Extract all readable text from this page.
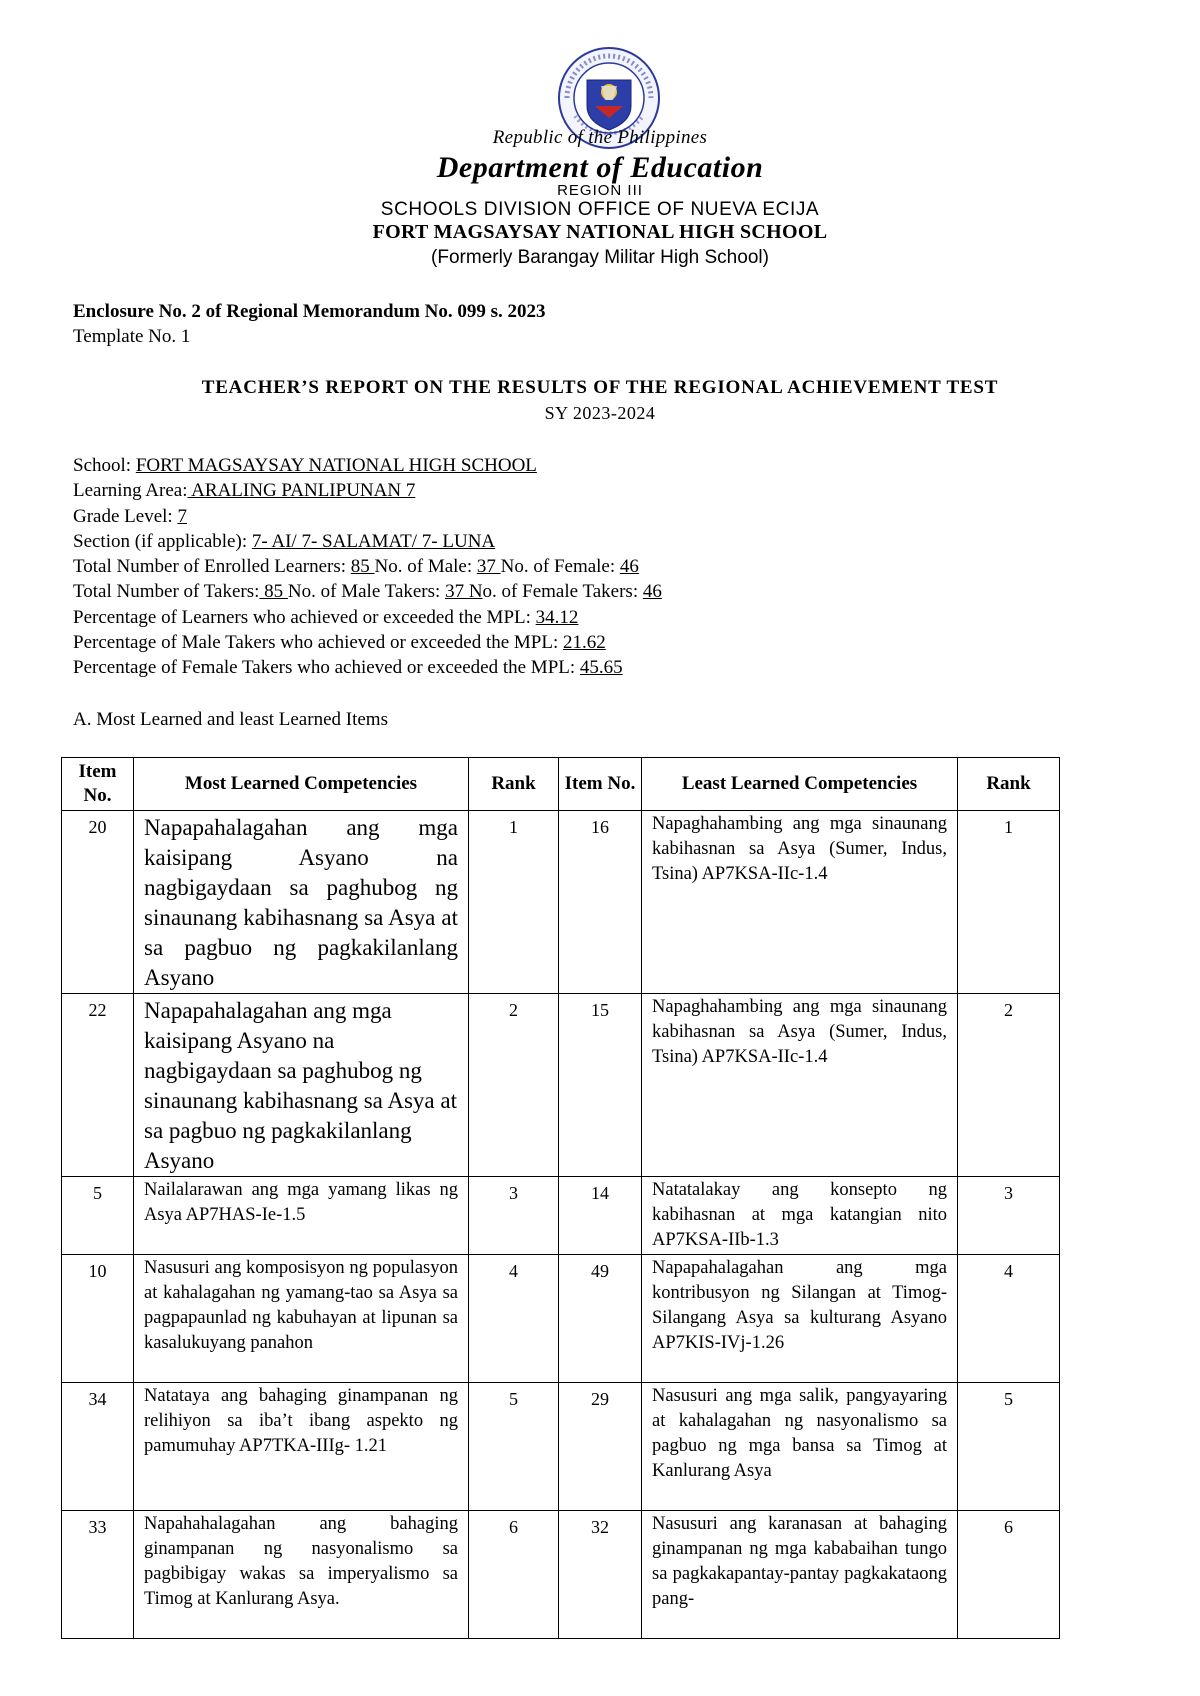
Republic of the Philippines
Department of Education
REGION III
SCHOOLS DIVISION OFFICE OF NUEVA ECIJA
FORT MAGSAYSAY NATIONAL HIGH SCHOOL
(Formerly Barangay Militar High School)
Enclosure No. 2 of Regional Memorandum No. 099 s. 2023
Template No. 1
TEACHER’S REPORT ON THE RESULTS OF THE REGIONAL ACHIEVEMENT TEST
SY 2023-2024
School: FORT MAGSAYSAY NATIONAL HIGH SCHOOL
Learning Area: ARALING PANLIPUNAN 7
Grade Level: 7
Section (if applicable): 7- AI/ 7- SALAMAT/ 7- LUNA
Total Number of Enrolled Learners: 85 No. of Male: 37 No. of Female: 46
Total Number of Takers: 85 No. of Male Takers: 37 No. of Female Takers: 46
Percentage of Learners who achieved or exceeded the MPL: 34.12
Percentage of Male Takers who achieved or exceeded the MPL: 21.62
Percentage of Female Takers who achieved or exceeded the MPL: 45.65
A. Most Learned and least Learned Items
Item No.	Most Learned Competencies	Rank	Item No.	Least Learned Competencies	Rank
20	Napapahalagahan ang mga kaisipang Asyano na nagbigaydaan sa paghubog ng sinaunang kabihasnang sa Asya at sa pagbuo ng pagkakilanlang Asyano	1	16	Napaghahambing ang mga sinaunang kabihasnan sa Asya (Sumer, Indus, Tsina) AP7KSA-IIc-1.4	1
22	Napapahalagahan ang mga kaisipang Asyano na nagbigaydaan sa paghubog ng sinaunang kabihasnang sa Asya at sa pagbuo ng pagkakilanlang Asyano	2	15	Napaghahambing ang mga sinaunang kabihasnan sa Asya (Sumer, Indus, Tsina) AP7KSA-IIc-1.4	2
5	Nailalarawan ang mga yamang likas ng Asya AP7HAS-Ie-1.5	3	14	Natatalakay ang konsepto ng kabihasnan at mga katangian nito AP7KSA-IIb-1.3	3
10	Nasusuri ang komposisyon ng populasyon at kahalagahan ng yamang-tao sa Asya sa pagpapaunlad ng kabuhayan at lipunan sa kasalukuyang panahon	4	49	Napapahalagahan ang mga kontribusyon ng Silangan at Timog-Silangang Asya sa kulturang Asyano AP7KIS-IVj-1.26	4
34	Natataya ang bahaging ginampanan ng relihiyon sa iba’t ibang aspekto ng pamumuhay AP7TKA-IIIg- 1.21	5	29	Nasusuri ang mga salik, pangyayaring at kahalagahan ng nasyonalismo sa pagbuo ng mga bansa sa Timog at Kanlurang Asya	5
33	Napahahalagahan ang bahaging ginampanan ng nasyonalismo sa pagbibigay wakas sa imperyalismo sa Timog at Kanlurang Asya.	6	32	Nasusuri ang karanasan at bahaging ginampanan ng mga kababaihan tungo sa pagkakapantay-pantay pagkakataong pang-	6
